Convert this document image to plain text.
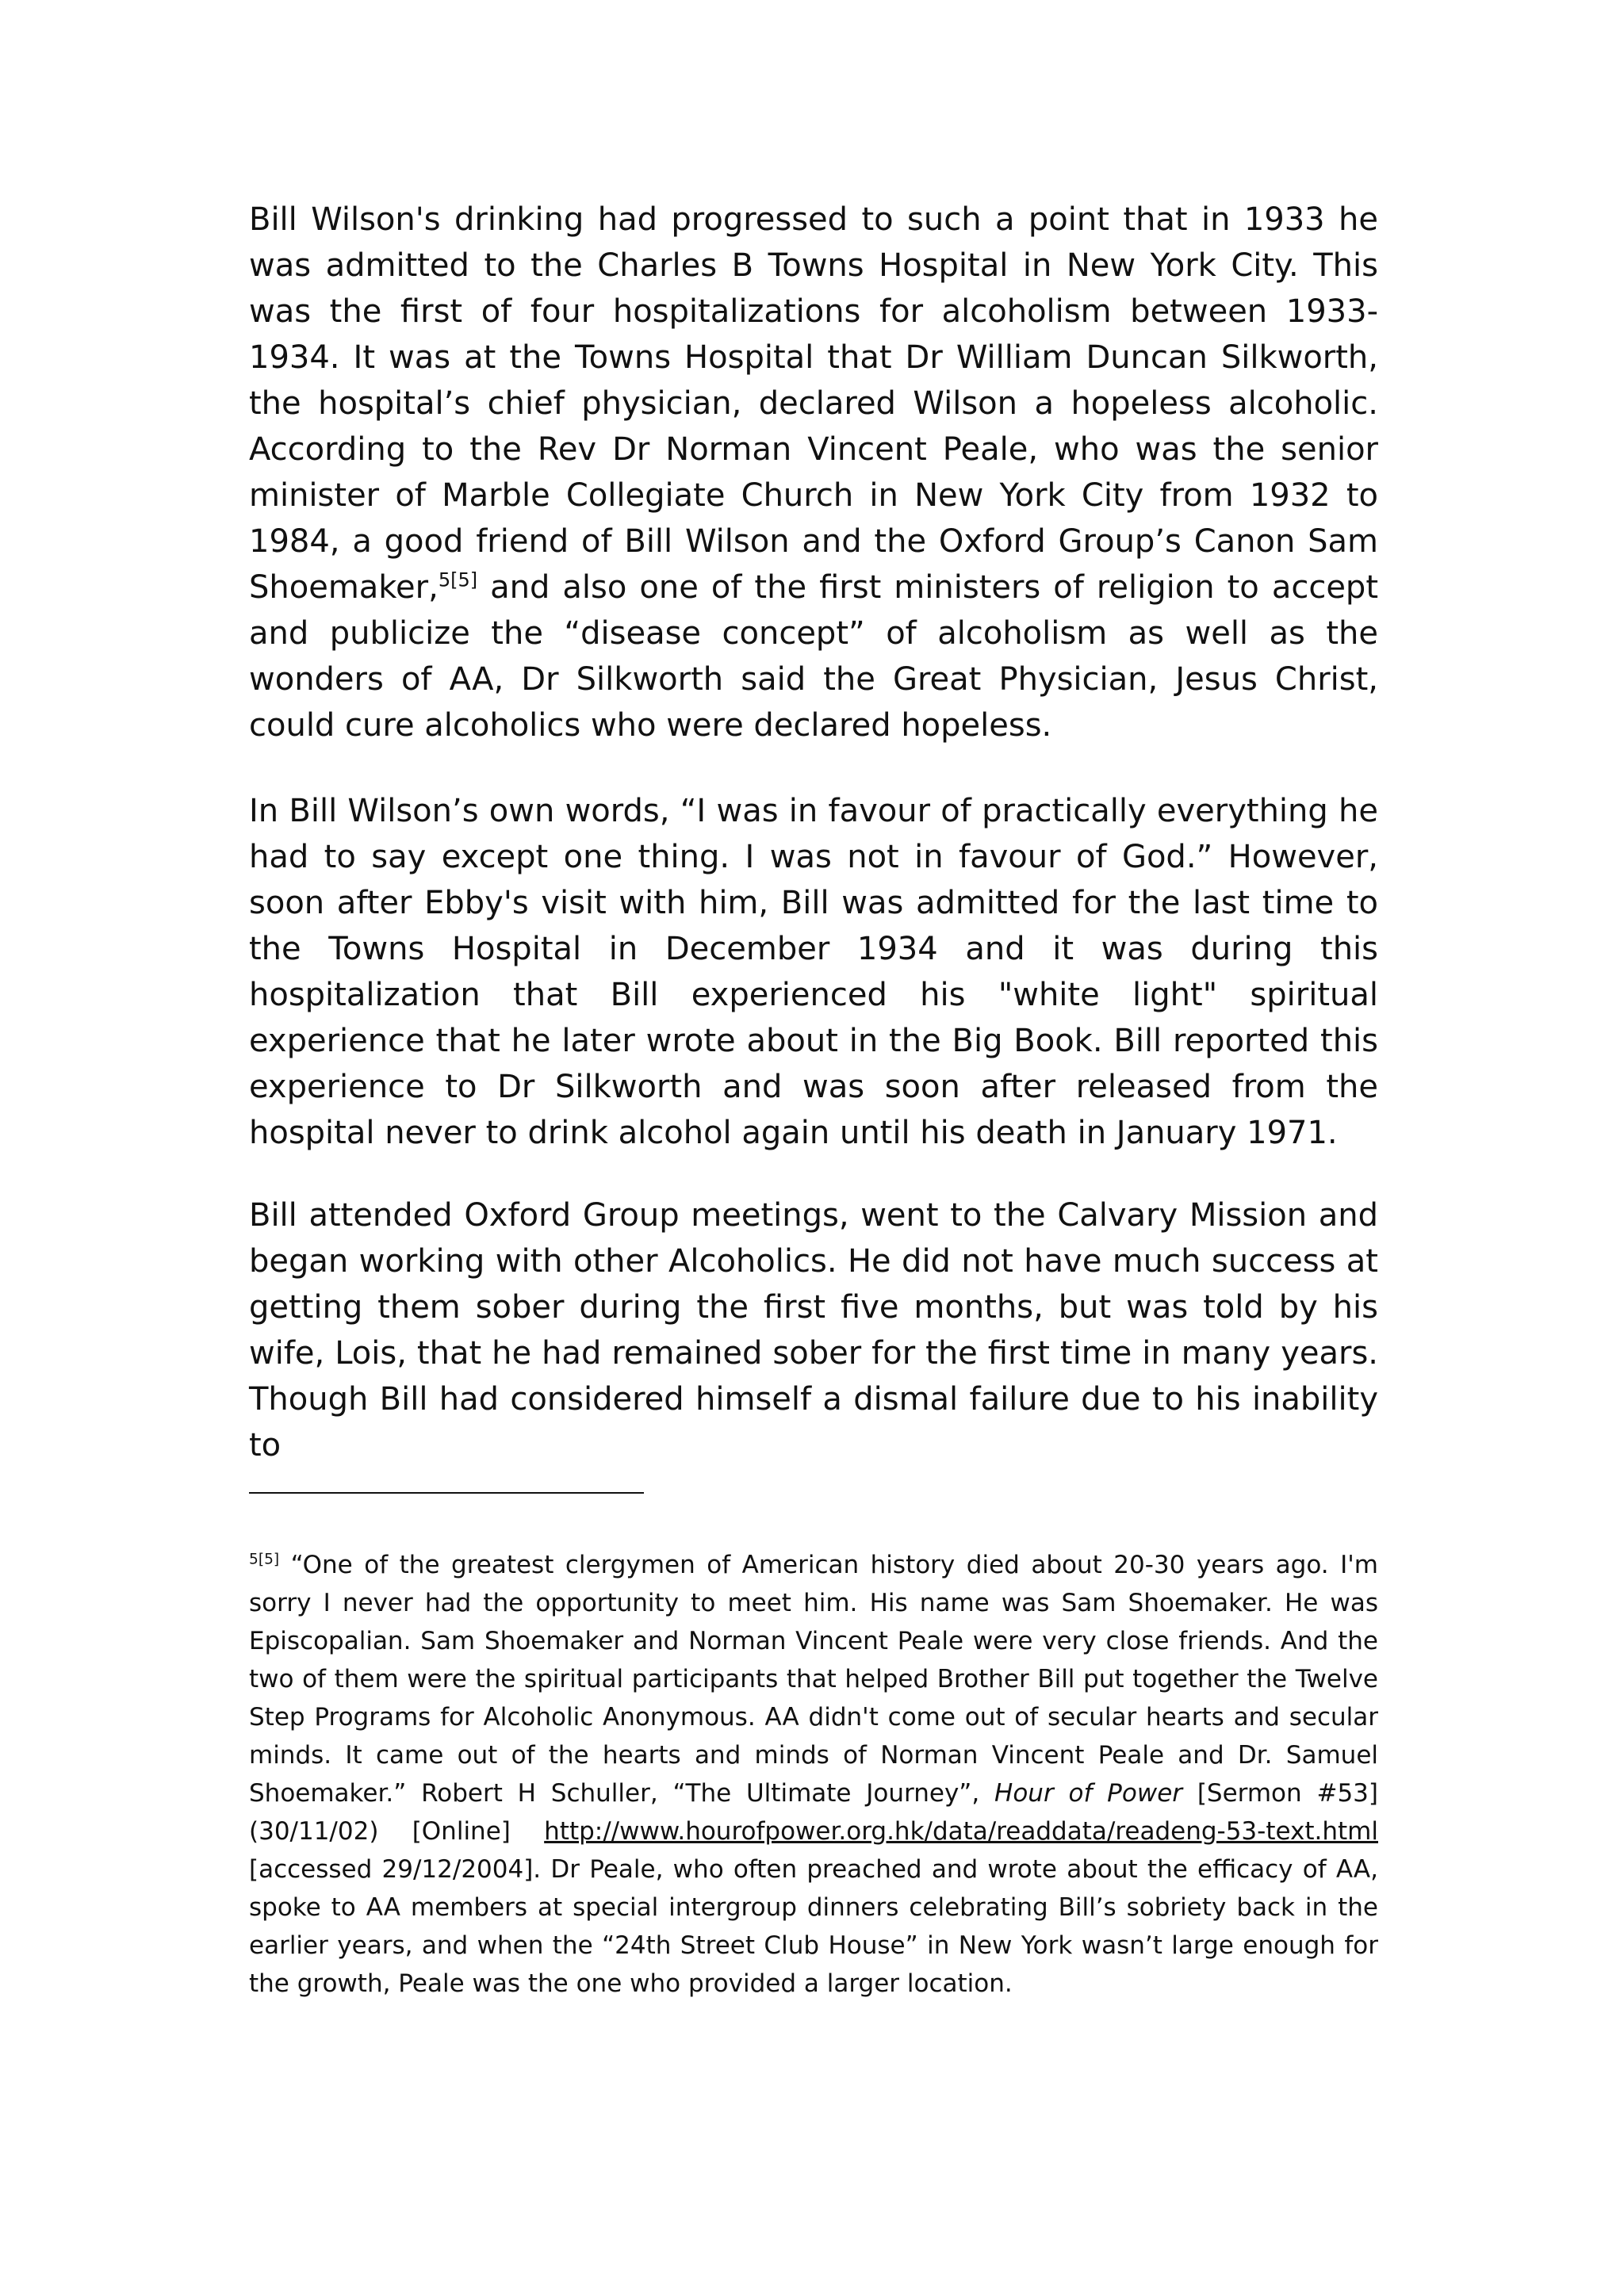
Bill Wilson's drinking had progressed to such a point that in 1933 he was admitted to the Charles B Towns Hospital in New York City. This was the first of four hospitalizations for alcoholism between 1933-1934. It was at the Towns Hospital that Dr William Duncan Silkworth, the hospital’s chief physician, declared Wilson a hopeless alcoholic. According to the Rev Dr Norman Vincent Peale, who was the senior minister of Marble Collegiate Church in New York City from 1932 to 1984, a good friend of Bill Wilson and the Oxford Group’s Canon Sam Shoemaker,$^{5[5]}$ and also one of the first ministers of religion to accept and publicize the “disease concept” of alcoholism as well as the wonders of AA, Dr Silkworth said the Great Physician, Jesus Christ, could cure alcoholics who were declared hopeless.

In Bill Wilson’s own words, “I was in favour of practically everything he had to say except one thing. I was not in favour of God.” However, soon after Ebby's visit with him, Bill was admitted for the last time to the Towns Hospital in December 1934 and it was during this hospitalization that Bill experienced his "white light" spiritual experience that he later wrote about in the Big Book. Bill reported this experience to Dr Silkworth and was soon after released from the hospital never to drink alcohol again until his death in January 1971.

Bill attended Oxford Group meetings, went to the Calvary Mission and began working with other Alcoholics. He did not have much success at getting them sober during the first five months, but was told by his wife, Lois, that he had remained sober for the first time in many years. Though Bill had considered himself a dismal failure due to his inability to

$^{5[5]}$ “One of the greatest clergymen of American history died about 20-30 years ago. I'm sorry I never had the opportunity to meet him. His name was Sam Shoemaker. He was Episcopalian. Sam Shoemaker and Norman Vincent Peale were very close friends. And the two of them were the spiritual participants that helped Brother Bill put together the Twelve Step Programs for Alcoholic Anonymous. AA didn't come out of secular hearts and secular minds. It came out of the hearts and minds of Norman Vincent Peale and Dr. Samuel Shoemaker.” Robert H Schuller, “The Ultimate Journey”, Hour of Power [Sermon #53] (30/11/02) [Online] http://www.hourofpower.org.hk/data/readdata/readeng-53-text.html [accessed 29/12/2004]. Dr Peale, who often preached and wrote about the efficacy of AA, spoke to AA members at special intergroup dinners celebrating Bill’s sobriety back in the earlier years, and when the “24th Street Club House” in New York wasn’t large enough for the growth, Peale was the one who provided a larger location.
